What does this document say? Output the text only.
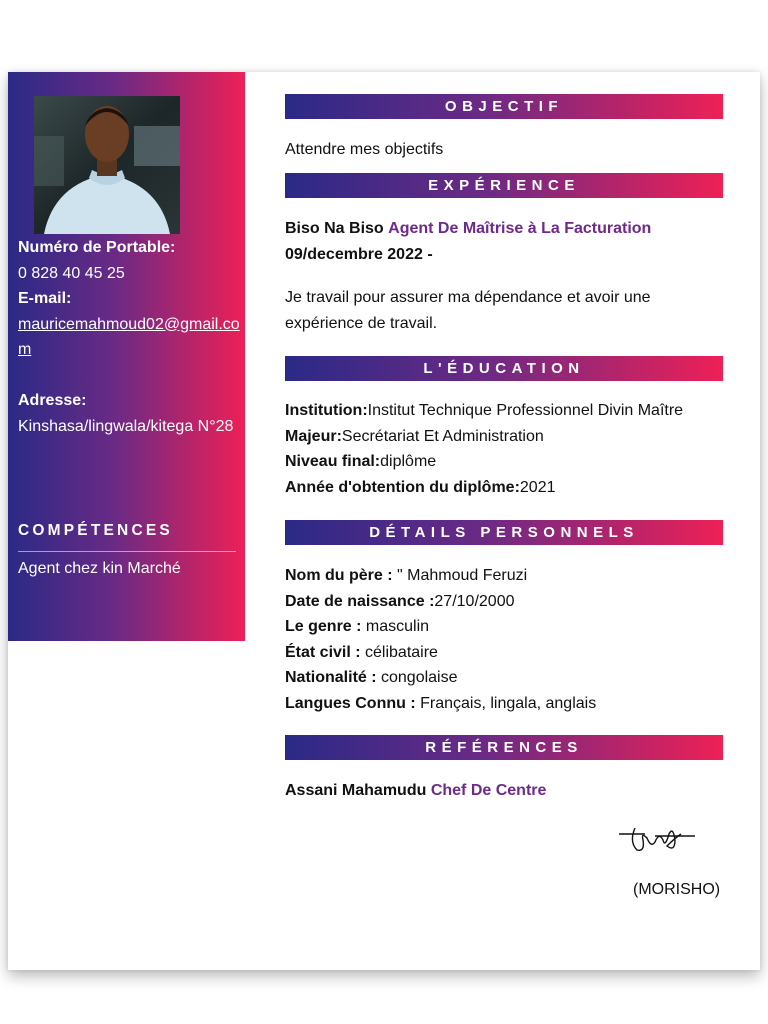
Numéro de Portable:
0 828 40 45 25
E-mail:
mauricemahmoud02@gmail.com
Adresse:
Kinshasa/lingwala/kitega N°28
COMPÉTENCES
Agent chez kin Marché
OBJECTIF
Attendre mes objectifs
EXPÉRIENCE
Biso Na Biso Agent De Maîtrise à La Facturation
09/decembre 2022 -
Je travail pour assurer ma dépendance et avoir une expérience de travail.
L'ÉDUCATION
Institution:Institut Technique Professionnel Divin Maître
Majeur:Secrétariat Et Administration
Niveau final:diplôme
Année d'obtention du diplôme:2021
DÉTAILS PERSONNELS
Nom du père : " Mahmoud Feruzi
Date de naissance :27/10/2000
Le genre : masculin
État civil : célibataire
Nationalité : congolaise
Langues Connu : Français, lingala, anglais
RÉFÉRENCES
Assani Mahamudu Chef De Centre
(MORISHO)
